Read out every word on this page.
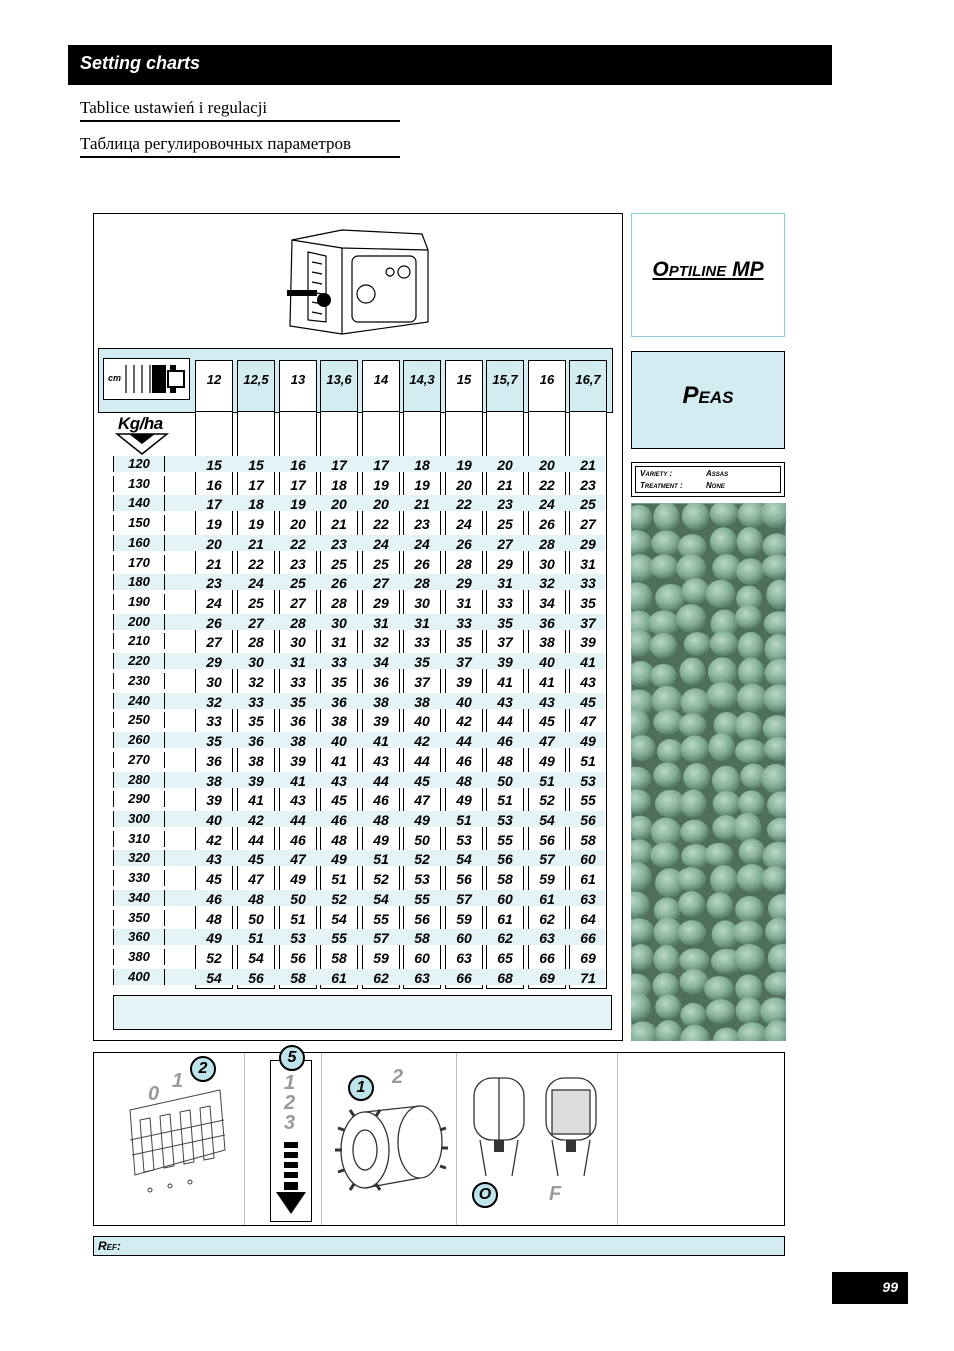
Setting charts
Tablice ustawień i regulacji
Таблица регулировочных параметров
cm	12	12,5	13	13,6	14	14,3	15	15,7	16	16,7
Kg/ha
120	15	15	16	17	17	18	19	20	20	21
130	16	17	17	18	19	19	20	21	22	23
140	17	18	19	20	20	21	22	23	24	25
150	19	19	20	21	22	23	24	25	26	27
160	20	21	22	23	24	24	26	27	28	29
170	21	22	23	25	25	26	28	29	30	31
180	23	24	25	26	27	28	29	31	32	33
190	24	25	27	28	29	30	31	33	34	35
200	26	27	28	30	31	31	33	35	36	37
210	27	28	30	31	32	33	35	37	38	39
220	29	30	31	33	34	35	37	39	40	41
230	30	32	33	35	36	37	39	41	41	43
240	32	33	35	36	38	38	40	43	43	45
250	33	35	36	38	39	40	42	44	45	47
260	35	36	38	40	41	42	44	46	47	49
270	36	38	39	41	43	44	46	48	49	51
280	38	39	41	43	44	45	48	50	51	53
290	39	41	43	45	46	47	49	51	52	55
300	40	42	44	46	48	49	51	53	54	56
310	42	44	46	48	49	50	53	55	56	58
320	43	45	47	49	51	52	54	56	57	60
330	45	47	49	51	52	53	56	58	59	61
340	46	48	50	52	54	55	57	60	61	63
350	48	50	51	54	55	56	59	61	62	64
360	49	51	53	55	57	58	60	62	63	66
380	52	54	56	58	59	60	63	65	66	69
400	54	56	58	61	62	63	66	68	69	71
Optiline MP
Peas
Variety :	Assas
Treatment :	None
0
1
2
5
1
2
3
1	2
O	F
Ref:
99
